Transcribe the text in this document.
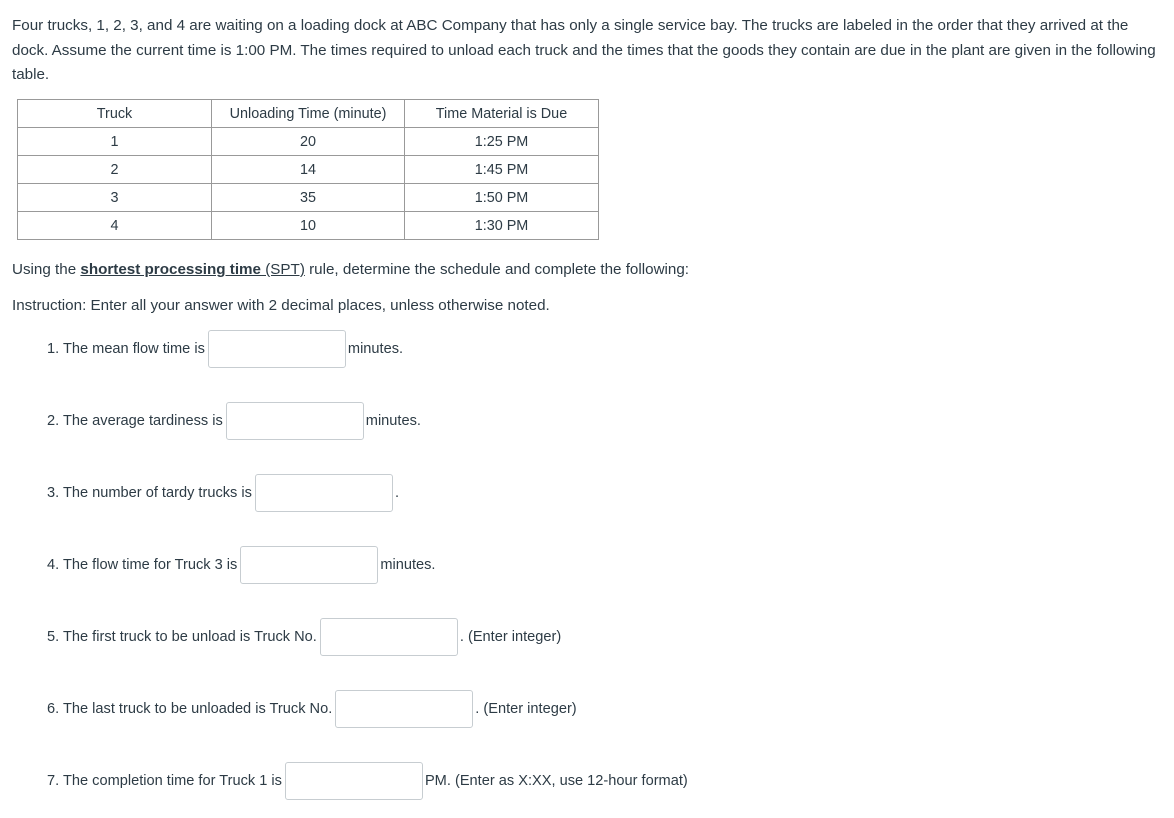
Four trucks, 1, 2, 3, and 4 are waiting on a loading dock at ABC Company that has only a single service bay. The trucks are labeled in the order that they arrived at the dock. Assume the current time is 1:00 PM. The times required to unload each truck and the times that the goods they contain are due in the plant are given in the following table.

Truck	Unloading Time (minute)	Time Material is Due
1	20	1:25 PM
2	14	1:45 PM
3	35	1:50 PM
4	10	1:30 PM

Using the shortest processing time (SPT) rule, determine the schedule and complete the following:

Instruction: Enter all your answer with 2 decimal places, unless otherwise noted.

1. The mean flow time is	minutes.
2. The average tardiness is	minutes.
3. The number of tardy trucks is	.
4. The flow time for Truck 3 is	minutes.
5. The first truck to be unload is Truck No.	. (Enter integer)
6. The last truck to be unloaded is Truck No.	. (Enter integer)
7. The completion time for Truck 1 is	PM. (Enter as X:XX, use 12-hour format)
